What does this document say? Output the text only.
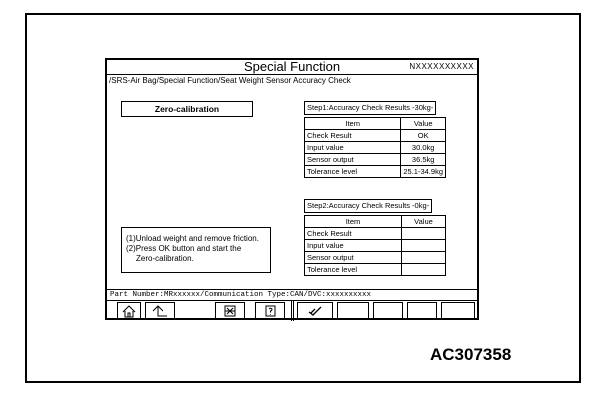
Special Function	NXXXXXXXXXX
/SRS-Air Bag/Special Function/Seat Weight Sensor Accuracy Check
Zero-calibration
(1)Unload weight and remove friction.
(2)Press OK button and start the
Zero-calibration.
Step1:Accuracy Check Results -30kg-
Item	Value
Check Result	OK
Input value	30.0kg
Sensor output	36.5kg
Tolerance level	25.1-34.9kg
Step2:Accuracy Check Results -0kg-
Item	Value
Check Result	
Input value	
Sensor output	
Tolerance level	
Part Number:MRxxxxxx/Communication Type:CAN/DVC:xxxxxxxxxx
AC307358
